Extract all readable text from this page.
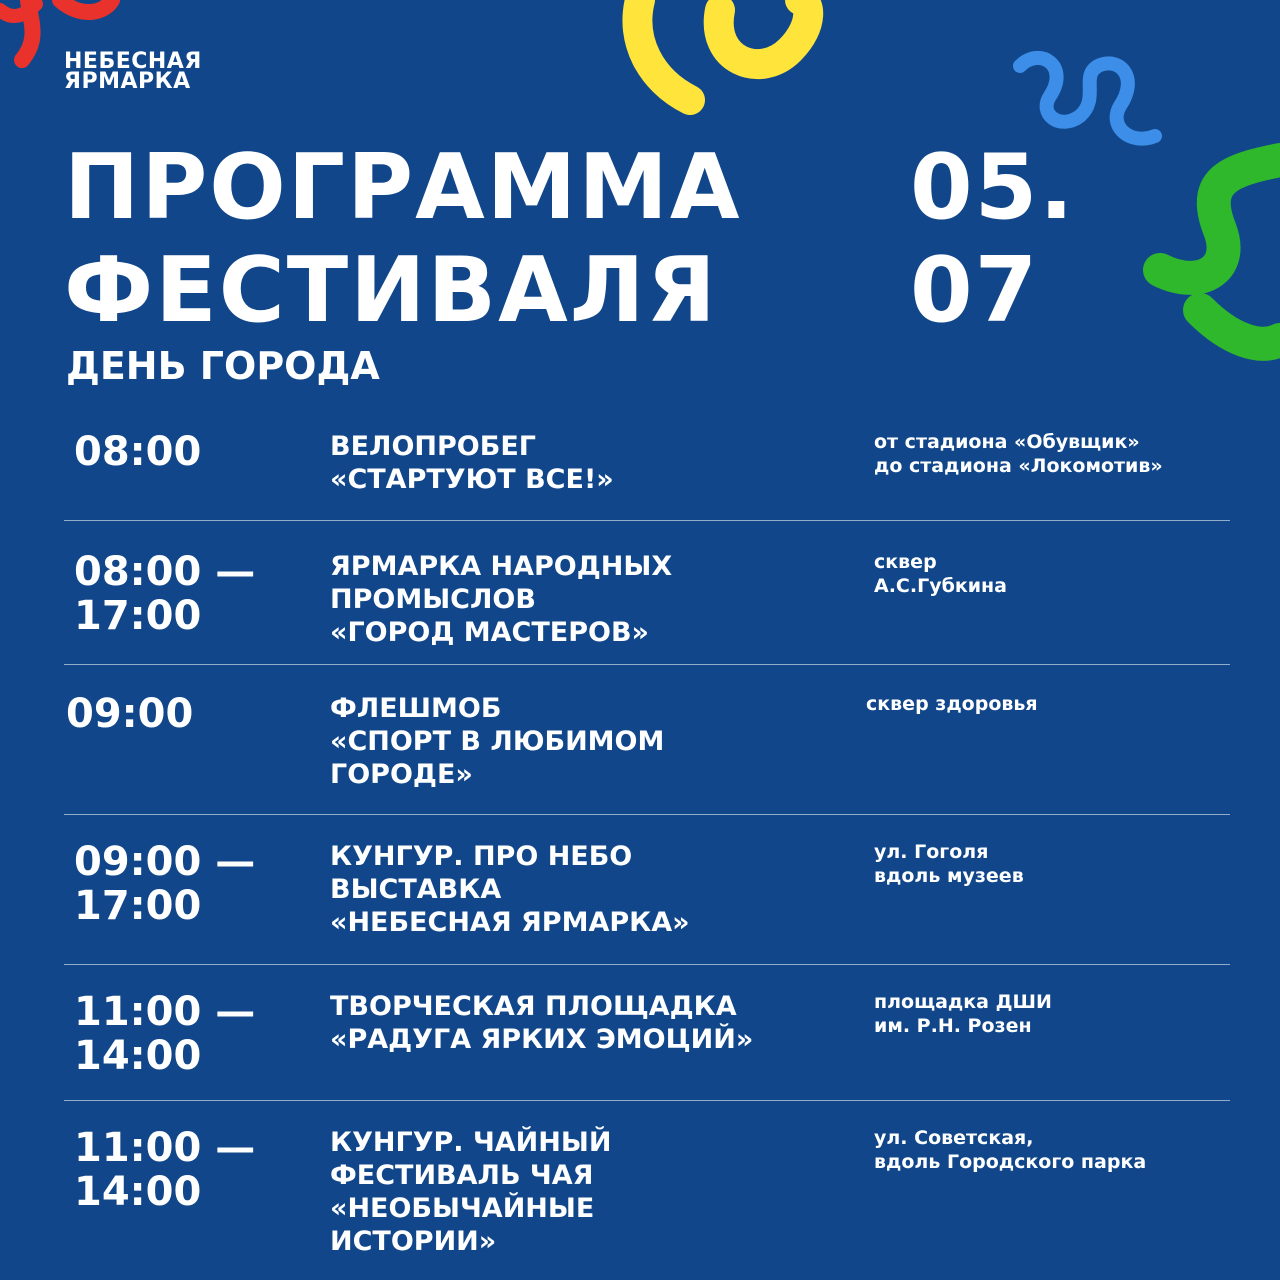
НЕБЕСНАЯ
ЯРМАРКА
ПРОГРАММА
ФЕСТИВАЛЯ
05.
07
ДЕНЬ ГОРОДА
08:00	ВЕЛОПРОБЕГ
«СТАРТУЮТ ВСЕ!»
от стадиона «Обувщик»
до стадиона «Локомотив»
08:00 —
17:00
ЯРМАРКА НАРОДНЫХ
ПРОМЫСЛОВ
«ГОРОД МАСТЕРОВ»
сквер
А.С.Губкина
09:00	ФЛЕШМОБ
«СПОРТ В ЛЮБИМОМ
ГОРОДЕ»
сквер здоровья
09:00 —
17:00
КУНГУР. ПРО НЕБО
ВЫСТАВКА
«НЕБЕСНАЯ ЯРМАРКА»
ул. Гоголя
вдоль музеев
11:00 —
14:00
ТВОРЧЕСКАЯ ПЛОЩАДКА
«РАДУГА ЯРКИХ ЭМОЦИЙ»
площадка ДШИ
им. Р.Н. Розен
11:00 —
14:00
КУНГУР. ЧАЙНЫЙ
ФЕСТИВАЛЬ ЧАЯ
«НЕОБЫЧАЙНЫЕ
ИСТОРИИ»
ул. Советская,
вдоль Городского парка
